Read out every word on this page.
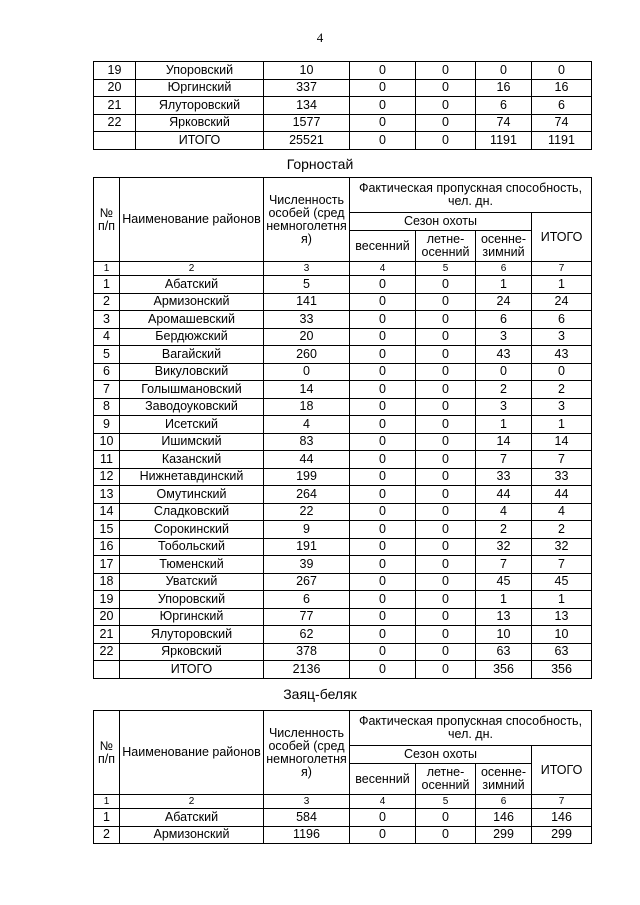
4
19	Упоровский	10	0	0	0	0
20	Юргинский	337	0	0	16	16
21	Ялуторовский	134	0	0	6	6
22	Ярковский	1577	0	0	74	74
	ИТОГО	25521	0	0	1191	1191
Горностай
№ п/п	Наименование районов	Численность особей (среднемноголетняя)	Фактическая пропускная способность, чел. дн.			
			Сезон охоты			ИТОГО
			весенний	летне-осенний	осенне-зимний	
1	2	3	4	5	6	7
1	Абатский	5	0	0	1	1
2	Армизонский	141	0	0	24	24
3	Аромашевский	33	0	0	6	6
4	Бердюжский	20	0	0	3	3
5	Вагайский	260	0	0	43	43
6	Викуловский	0	0	0	0	0
7	Голышмановский	14	0	0	2	2
8	Заводоуковский	18	0	0	3	3
9	Исетский	4	0	0	1	1
10	Ишимский	83	0	0	14	14
11	Казанский	44	0	0	7	7
12	Нижнетавдинский	199	0	0	33	33
13	Омутинский	264	0	0	44	44
14	Сладковский	22	0	0	4	4
15	Сорокинский	9	0	0	2	2
16	Тобольский	191	0	0	32	32
17	Тюменский	39	0	0	7	7
18	Уватский	267	0	0	45	45
19	Упоровский	6	0	0	1	1
20	Юргинский	77	0	0	13	13
21	Ялуторовский	62	0	0	10	10
22	Ярковский	378	0	0	63	63
	ИТОГО	2136	0	0	356	356
Заяц-беляк
№ п/п	Наименование районов	Численность особей (среднемноголетняя)	Фактическая пропускная способность, чел. дн.			
			Сезон охоты			ИТОГО
			весенний	летне-осенний	осенне-зимний	
1	2	3	4	5	6	7
1	Абатский	584	0	0	146	146
2	Армизонский	1196	0	0	299	299
